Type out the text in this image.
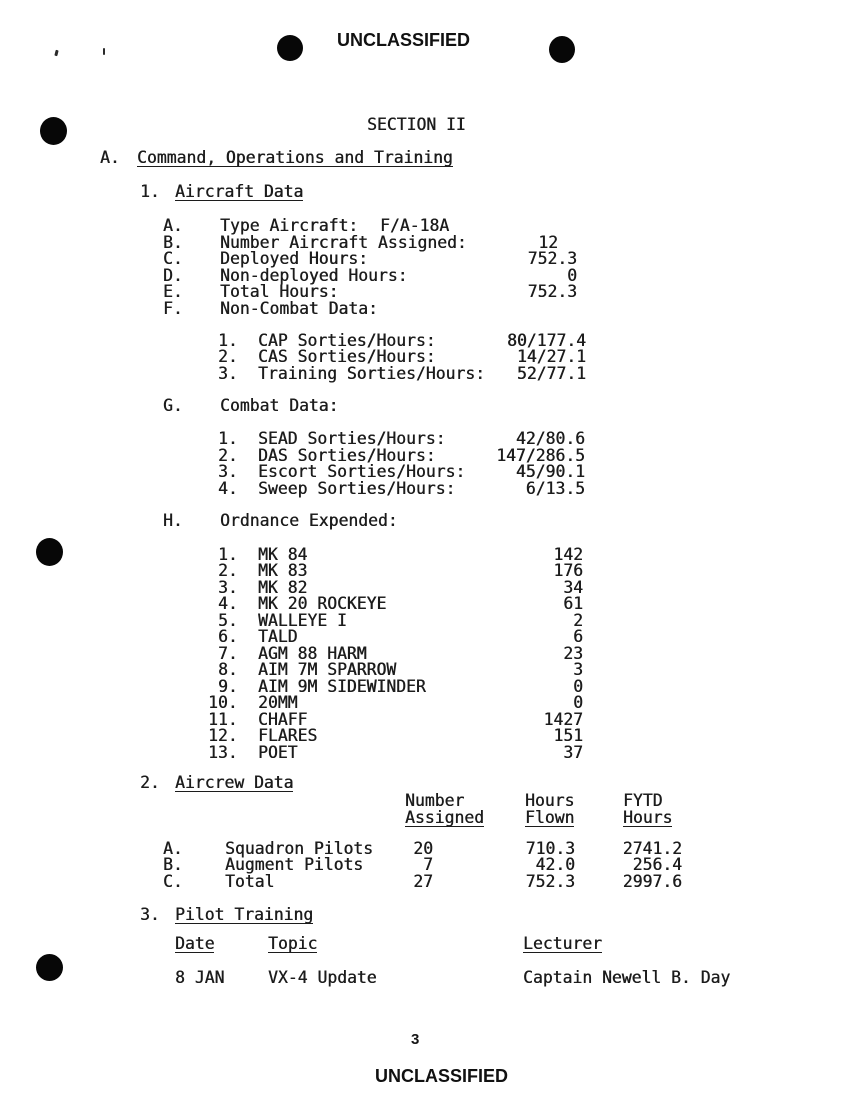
UNCLASSIFIED
SECTION II
A. Command, Operations and Training
1. Aircraft Data
A. Type Aircraft: F/A-18A
B. Number Aircraft Assigned:	12
C. Deployed Hours:	752.3
D. Non-deployed Hours:	0
E. Total Hours:	752.3
F. Non-Combat Data:
1. CAP Sorties/Hours:	80/177.4
2. CAS Sorties/Hours:	14/27.1
3. Training Sorties/Hours:	52/77.1
G. Combat Data:
1. SEAD Sorties/Hours:	42/80.6
2. DAS Sorties/Hours:	147/286.5
3. Escort Sorties/Hours:	45/90.1
4. Sweep Sorties/Hours:	6/13.5
H. Ordnance Expended:
1. MK 84	142
2. MK 83	176
3. MK 82	34
4. MK 20 ROCKEYE	61
5. WALLEYE I	2
6. TALD	6
7. AGM 88 HARM	23
8. AIM 7M SPARROW	3
9. AIM 9M SIDEWINDER	0
10. 20MM	0
11. CHAFF	1427
12. FLARES	151
13. POET	37
2. Aircrew Data
Number	Hours	FYTD
Assigned	Flown	Hours
A.	Squadron Pilots	20	710.3	2741.2
B.	Augment Pilots	7	42.0	256.4
C.	Total	27	752.3	2997.6
3. Pilot Training
Date	Topic	Lecturer
8 JAN	VX-4 Update	Captain Newell B. Day
3
UNCLASSIFIED
